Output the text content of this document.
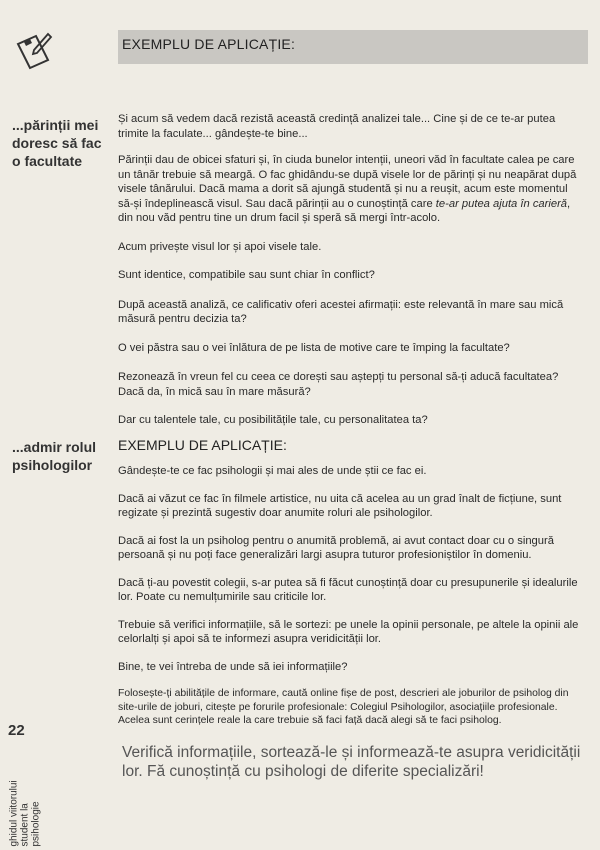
EXEMPLU DE APLICAȚIE:
...părinții mei doresc să fac o facultate

Și acum să vedem dacă rezistă această credință analizei tale... Cine și de ce te-ar putea trimite la faculate... gândește-te bine...

Părinții dau de obicei sfaturi și, în ciuda bunelor intenții, uneori văd în facultate calea pe care un tânăr trebuie să meargă. O fac ghidându-se după visele lor de părinți și nu neapărat după visele tânărului. Dacă mama a dorit să ajungă studentă și nu a reușit, acum este momentul să-și îndeplinească visul. Sau dacă părinții au o cunoștință care te-ar putea ajuta în carieră, din nou văd pentru tine un drum facil și speră să mergi într-acolo.

Acum privește visul lor și apoi visele tale.

Sunt identice, compatibile sau sunt chiar în conflict?

După această analiză, ce calificativ oferi acestei afirmații: este relevantă în mare sau mică măsură pentru decizia ta?

O vei păstra sau o vei înlătura de pe lista de motive care te împing la facultate?

Rezonează în vreun fel cu ceea ce dorești sau aștepți tu personal să-ți aducă facultatea? Dacă da, în mică sau în mare măsură?

Dar cu talentele tale, cu posibilitățile tale, cu personalitatea ta?

...admir rolul psihologilor
EXEMPLU DE APLICAȚIE:

Gândește-te ce fac psihologii și mai ales de unde știi ce fac ei.

Dacă ai văzut ce fac în filmele artistice, nu uita că acelea au un grad înalt de ficțiune, sunt regizate și prezintă sugestiv doar anumite roluri ale psihologilor.

Dacă ai fost la un psiholog pentru o anumită problemă, ai avut contact doar cu o singură persoană și nu poți face generalizări largi asupra tuturor profesioniștilor în domeniu.

Dacă ți-au povestit colegii, s-ar putea să fi făcut cunoștință doar cu presupunerile și idealurile lor. Poate cu nemulțumirile sau criticile lor.

Trebuie să verifici informațiile, să le sortezi: pe unele la opinii personale, pe altele la opinii ale celorlalți și apoi să te informezi asupra veridicității lor.

Bine, te vei întreba de unde să iei informațiile?

Folosește-ți abilitățile de informare, caută online fișe de post, descrieri ale joburilor de psiholog din site-urile de joburi, citește pe forurile profesionale: Colegiul Psihologilor, asociațiile profesionale. Acelea sunt cerințele reale la care trebuie să faci față dacă alegi să te faci psiholog.

Verifică informațiile, sortează-le și informează-te asupra veridicității lor. Fă cunoștință cu psihologi de diferite specializări!
22
ghidul viitorului student la psihologie
